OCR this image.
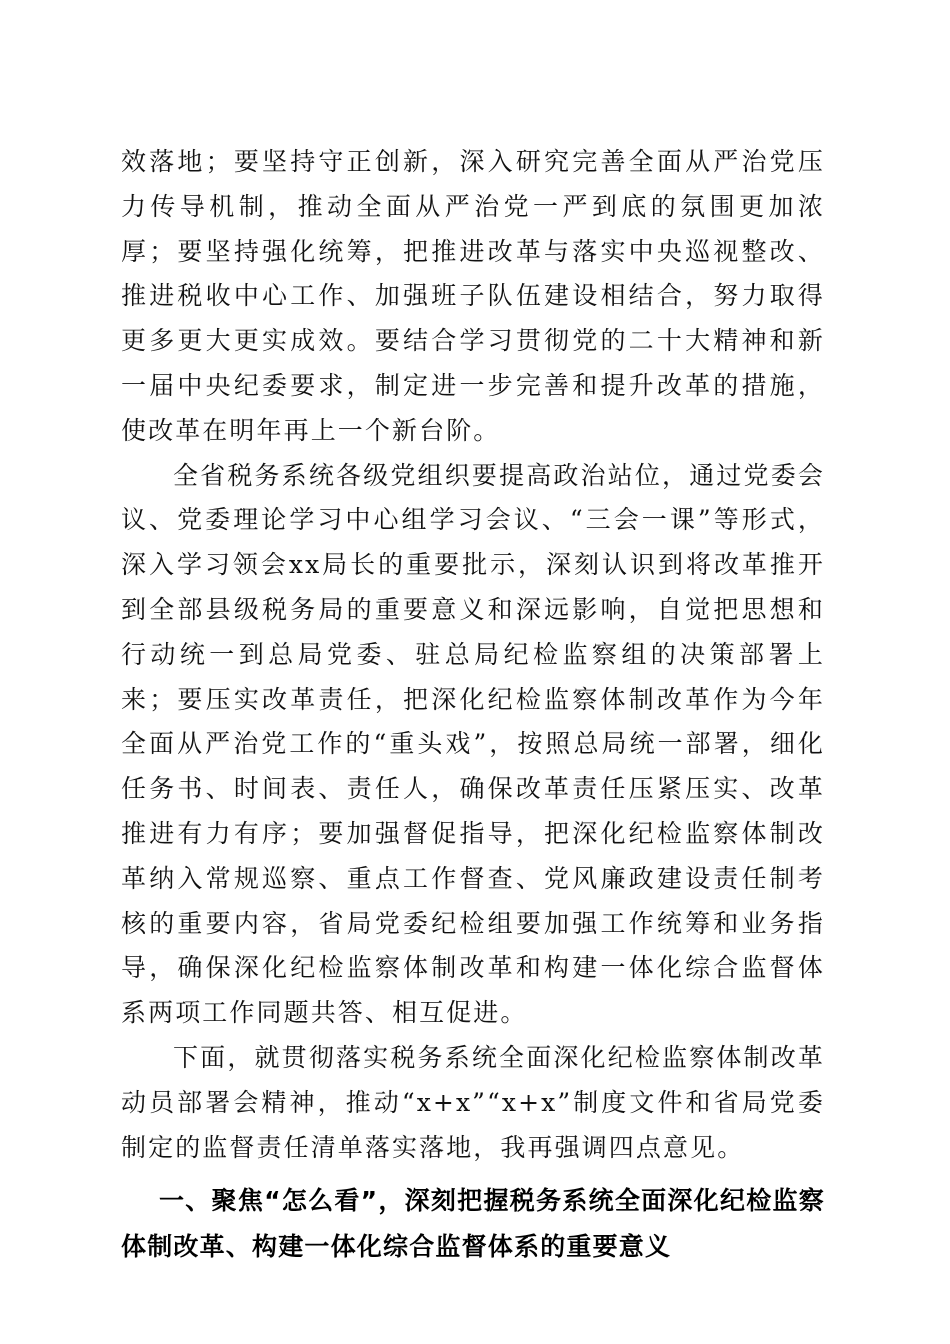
效落地；要坚持守正创新，深入研究完善全面从严治党压力传导机制，推动全面从严治党一严到底的氛围更加浓厚；要坚持强化统筹，把推进改革与落实中央巡视整改、推进税收中心工作、加强班子队伍建设相结合，努力取得更多更大更实成效。要结合学习贯彻党的二十大精神和新一届中央纪委要求，制定进一步完善和提升改革的措施，使改革在明年再上一个新台阶。

全省税务系统各级党组织要提高政治站位，通过党委会议、党委理论学习中心组学习会议、“三会一课”等形式，深入学习领会xx局长的重要批示，深刻认识到将改革推开到全部县级税务局的重要意义和深远影响，自觉把思想和行动统一到总局党委、驻总局纪检监察组的决策部署上来；要压实改革责任，把深化纪检监察体制改革作为今年全面从严治党工作的“重头戏”，按照总局统一部署，细化任务书、时间表、责任人，确保改革责任压紧压实、改革推进有力有序；要加强督促指导，把深化纪检监察体制改革纳入常规巡察、重点工作督查、党风廉政建设责任制考核的重要内容，省局党委纪检组要加强工作统筹和业务指导，确保深化纪检监察体制改革和构建一体化综合监督体系两项工作同题共答、相互促进。

下面，就贯彻落实税务系统全面深化纪检监察体制改革动员部署会精神，推动“x+x”“x+x”制度文件和省局党委制定的监督责任清单落实落地，我再强调四点意见。

一、聚焦“怎么看”，深刻把握税务系统全面深化纪检监察体制改革、构建一体化综合监督体系的重要意义
